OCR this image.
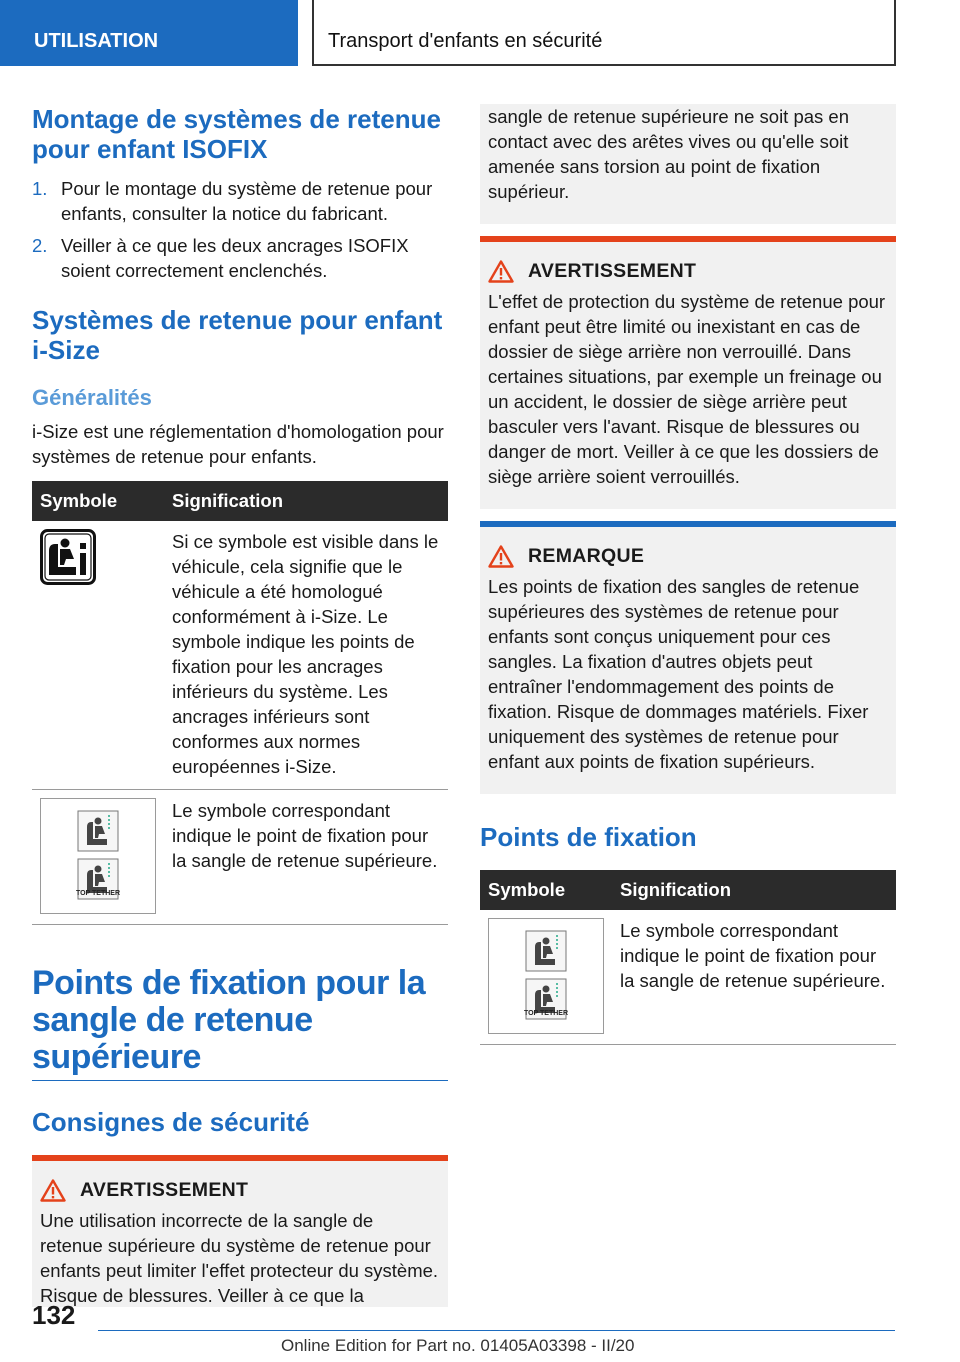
UTILISATION	Transport d'enfants en sécurité
Montage de systèmes de retenue pour enfant ISOFIX
1. Pour le montage du système de retenue pour enfants, consulter la notice du fabricant.
2. Veiller à ce que les deux ancrages ISOFIX soient correctement enclenchés.
Systèmes de retenue pour enfant i-Size
Généralités

i-Size est une réglementation d'homologation pour systèmes de retenue pour enfants.

Symbole	Signification
	Si ce symbole est visible dans le véhicule, cela signifie que le véhicule a été homologué conformément à i-Size. Le symbole indique les points de fixation pour les ancrages inférieurs du système. Les ancrages inférieurs sont conformes aux normes européennes i-Size.

TOP TETHER	Le symbole correspondant indique le point de fixation pour la sangle de retenue supérieure.
Points de fixation pour la sangle de retenue supérieure
Consignes de sécurité
AVERTISSEMENT
Une utilisation incorrecte de la sangle de retenue supérieure du système de retenue pour enfants peut limiter l'effet protecteur du système. Risque de blessures. Veiller à ce que la

sangle de retenue supérieure ne soit pas en contact avec des arêtes vives ou qu'elle soit amenée sans torsion au point de fixation supérieur.

AVERTISSEMENT
L'effet de protection du système de retenue pour enfant peut être limité ou inexistant en cas de dossier de siège arrière non verrouillé. Dans certaines situations, par exemple un freinage ou un accident, le dossier de siège arrière peut basculer vers l'avant. Risque de blessures ou danger de mort. Veiller à ce que les dossiers de siège arrière soient verrouillés.
REMARQUE
Les points de fixation des sangles de retenue supérieures des systèmes de retenue pour enfants sont conçus uniquement pour ces sangles. La fixation d'autres objets peut entraîner l'endommagement des points de fixation. Risque de dommages matériels. Fixer uniquement des systèmes de retenue pour enfant aux points de fixation supérieurs.
Points de fixation
Symbole	Signification

TOP TETHER	Le symbole correspondant indique le point de fixation pour la sangle de retenue supérieure.
132
Online Edition for Part no. 01405A03398 - II/20
